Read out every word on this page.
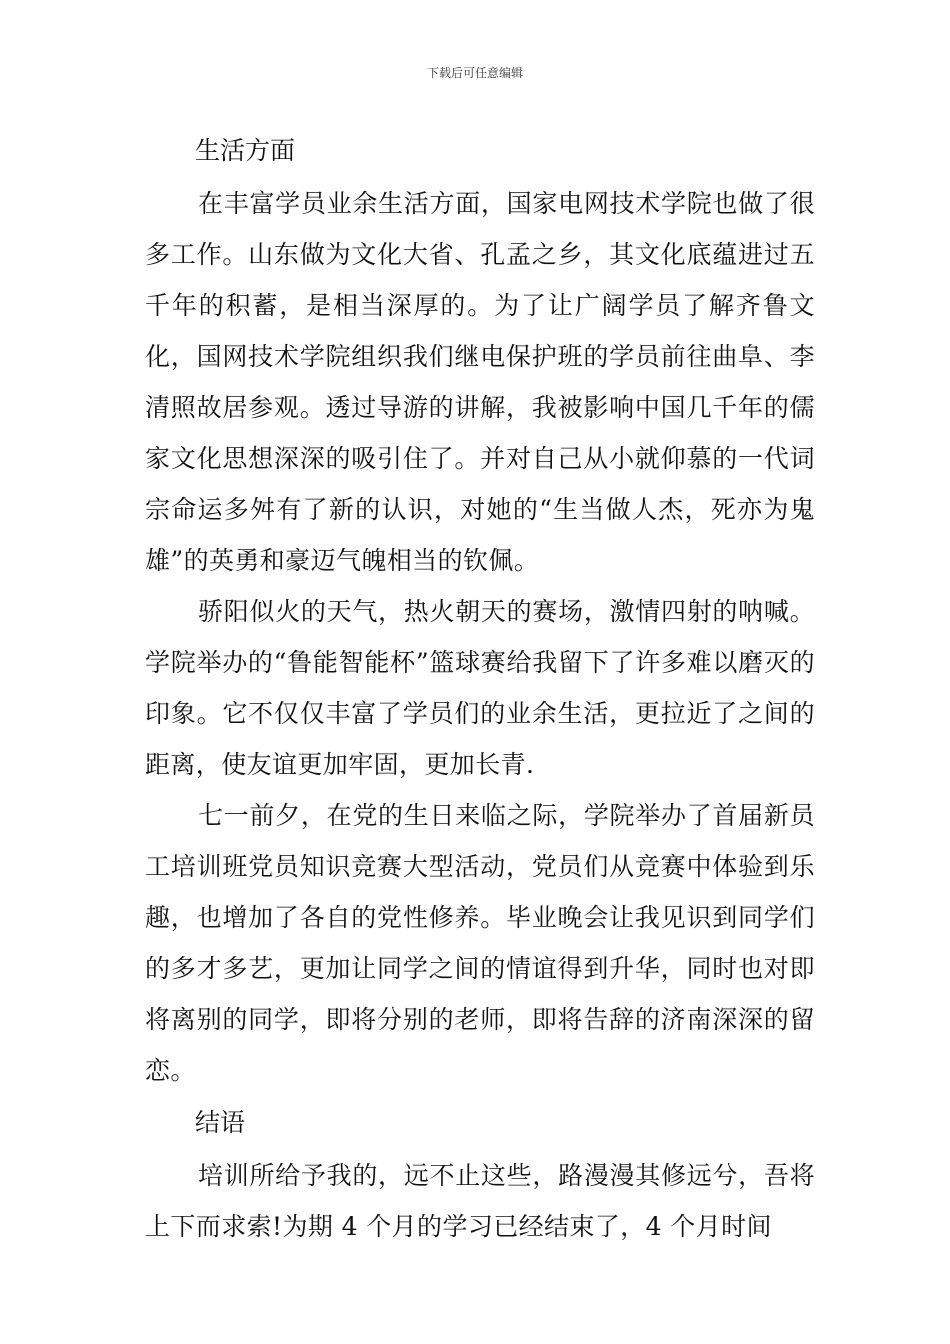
下载后可任意编辑

生活方面

在丰富学员业余生活方面，国家电网技术学院也做了很多工作。山东做为文化大省、孔孟之乡，其文化底蕴进过五千年的积蓄，是相当深厚的。为了让广阔学员了解齐鲁文化，国网技术学院组织我们继电保护班的学员前往曲阜、李清照故居参观。透过导游的讲解，我被影响中国几千年的儒家文化思想深深的吸引住了。并对自己从小就仰慕的一代词宗命运多舛有了新的认识，对她的“生当做人杰，死亦为鬼雄”的英勇和豪迈气魄相当的钦佩。

骄阳似火的天气，热火朝天的赛场，激情四射的呐喊。学院举办的“鲁能智能杯”篮球赛给我留下了许多难以磨灭的印象。它不仅仅丰富了学员们的业余生活，更拉近了之间的距离，使友谊更加牢固，更加长青.

七一前夕，在党的生日来临之际，学院举办了首届新员工培训班党员知识竞赛大型活动，党员们从竞赛中体验到乐趣，也增加了各自的党性修养。毕业晚会让我见识到同学们的多才多艺，更加让同学之间的情谊得到升华，同时也对即将离别的同学，即将分别的老师，即将告辞的济南深深的留恋。

结语

培训所给予我的，远不止这些，路漫漫其修远兮，吾将上下而求索!为期 4 个月的学习已经结束了，4 个月时间
